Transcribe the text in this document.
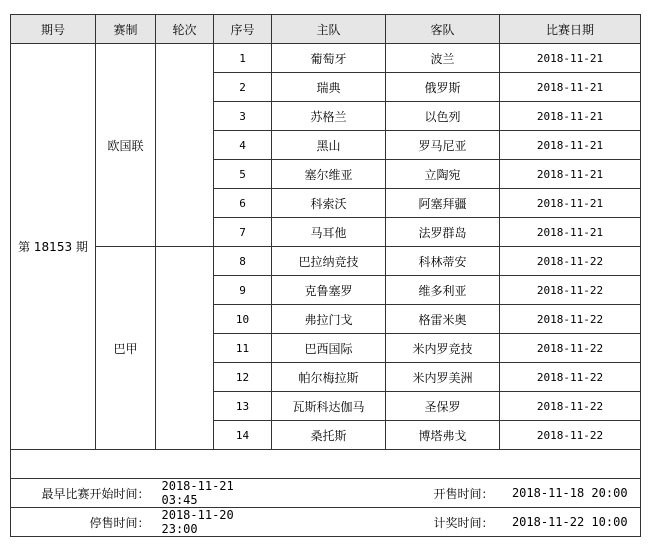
期号	赛制	轮次	序号	主队	客队	比赛日期
第 18153 期	欧国联		1	葡萄牙	波兰	2018-11-21
			2	瑞典	俄罗斯	2018-11-21
			3	苏格兰	以色列	2018-11-21
			4	黑山	罗马尼亚	2018-11-21
			5	塞尔维亚	立陶宛	2018-11-21
			6	科索沃	阿塞拜疆	2018-11-21
			7	马耳他	法罗群岛	2018-11-21
	巴甲		8	巴拉纳竞技	科林蒂安	2018-11-22
			9	克鲁塞罗	维多利亚	2018-11-22
			10	弗拉门戈	格雷米奥	2018-11-22
			11	巴西国际	米内罗竞技	2018-11-22
			12	帕尔梅拉斯	米内罗美洲	2018-11-22
			13	瓦斯科达伽马	圣保罗	2018-11-22
			14	桑托斯	博塔弗戈	2018-11-22

最早比赛开始时间：		2018-11-21 03:45		开售时间：		2018-11-18 20:00
停售时间：		2018-11-20 23:00		计奖时间：		2018-11-22 10:00
